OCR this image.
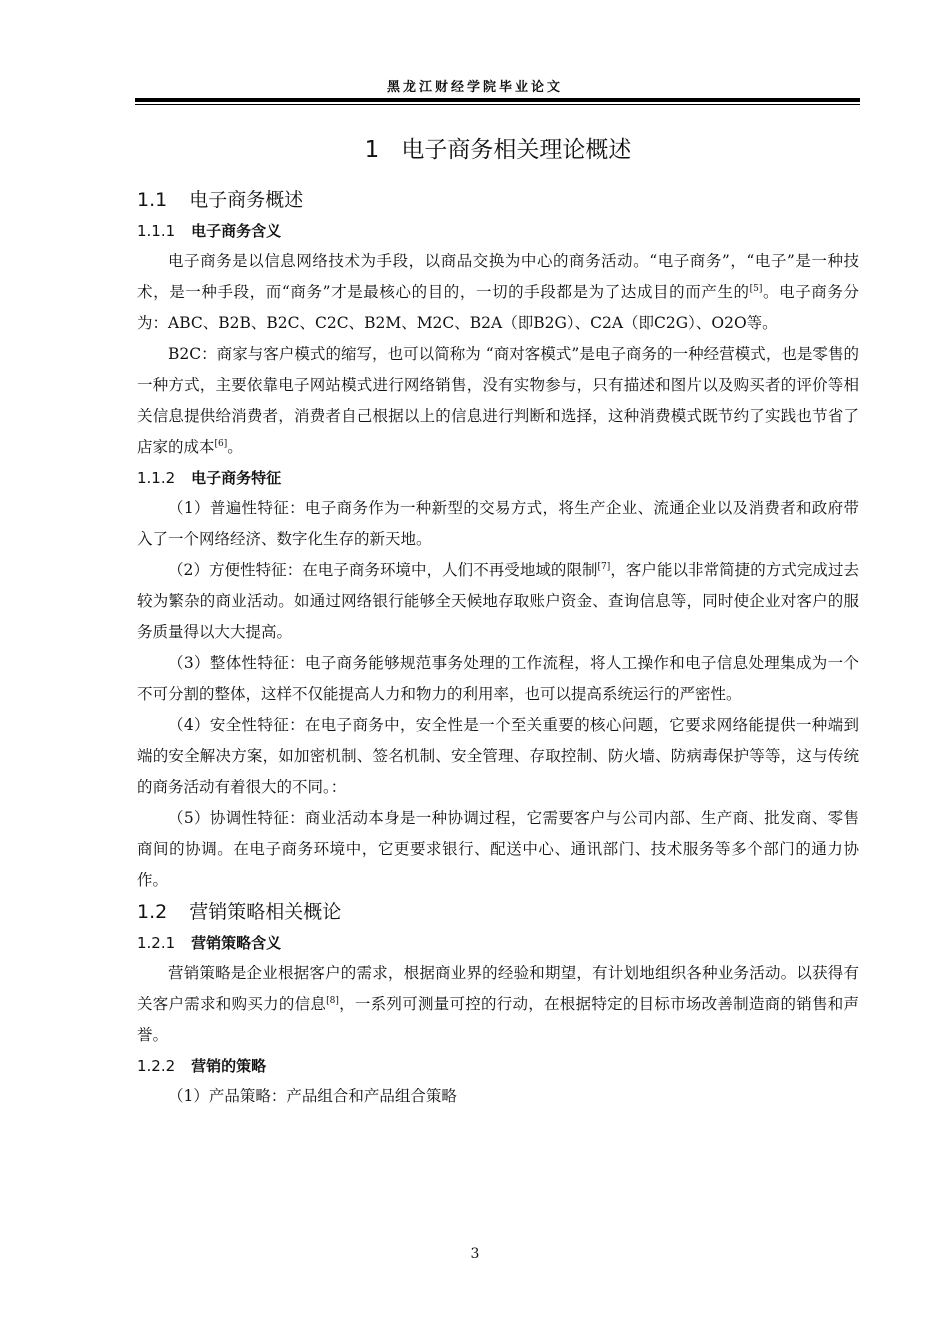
黑龙江财经学院毕业论文
1 电子商务相关理论概述
1.1 电子商务概述
1.1.1 电子商务含义

电子商务是以信息网络技术为手段，以商品交换为中心的商务活动。“电子商务”，“电子”是一种技术，是一种手段，而“商务”才是最核心的目的，一切的手段都是为了达成目的而产生的[5]。电子商务分为：ABC、B2B、B2C、C2C、B2M、M2C、B2A（即B2G）、C2A（即C2G）、O2O等。

B2C：商家与客户模式的缩写，也可以简称为 “商对客模式”是电子商务的一种经营模式，也是零售的一种方式，主要依靠电子网站模式进行网络销售，没有实物参与，只有描述和图片以及购买者的评价等相关信息提供给消费者，消费者自己根据以上的信息进行判断和选择，这种消费模式既节约了实践也节省了店家的成本[6]。

1.1.2 电子商务特征

（1）普遍性特征：电子商务作为一种新型的交易方式，将生产企业、流通企业以及消费者和政府带入了一个网络经济、数字化生存的新天地。

（2）方便性特征：在电子商务环境中，人们不再受地域的限制[7]，客户能以非常简捷的方式完成过去较为繁杂的商业活动。如通过网络银行能够全天候地存取账户资金、查询信息等，同时使企业对客户的服务质量得以大大提高。

（3）整体性特征：电子商务能够规范事务处理的工作流程，将人工操作和电子信息处理集成为一个不可分割的整体，这样不仅能提高人力和物力的利用率，也可以提高系统运行的严密性。

（4）安全性特征：在电子商务中，安全性是一个至关重要的核心问题，它要求网络能提供一种端到端的安全解决方案，如加密机制、签名机制、安全管理、存取控制、防火墙、防病毒保护等等，这与传统的商务活动有着很大的不同。：

（5）协调性特征：商业活动本身是一种协调过程，它需要客户与公司内部、生产商、批发商、零售商间的协调。在电子商务环境中，它更要求银行、配送中心、通讯部门、技术服务等多个部门的通力协作。

1.2 营销策略相关概论
1.2.1 营销策略含义

营销策略是企业根据客户的需求，根据商业界的经验和期望，有计划地组织各种业务活动。以获得有关客户需求和购买力的信息[8]，一系列可测量可控的行动，在根据特定的目标市场改善制造商的销售和声誉。

1.2.2 营销的策略

（1）产品策略：产品组合和产品组合策略

3
